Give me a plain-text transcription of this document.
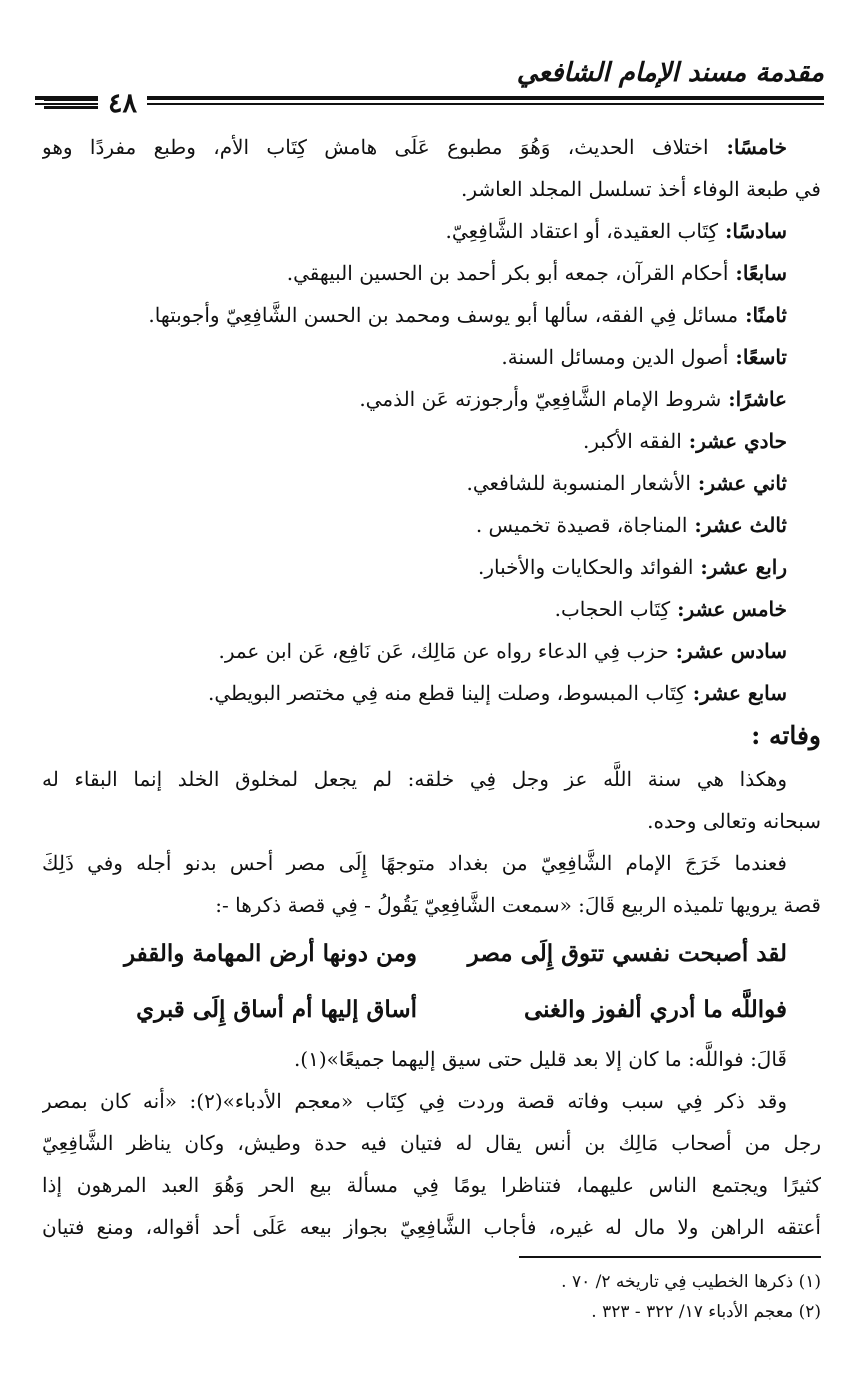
مقدمة مسند الإمام الشافعي
٤٨
خامسًا: اختلاف الحديث، وَهُوَ مطبوع عَلَى هامش كِتَاب الأم، وطبع مفردًا وهو
في طبعة الوفاء أخذ تسلسل المجلد العاشر.
سادسًا: كِتَاب العقيدة، أو اعتقاد الشَّافِعِيّ.
سابعًا: أحكام القرآن، جمعه أبو بكر أحمد بن الحسين البيهقي.
ثامنًا: مسائل فِي الفقه، سألها أبو يوسف ومحمد بن الحسن الشَّافِعِيّ وأجوبتها.
تاسعًا: أصول الدين ومسائل السنة.
عاشرًا: شروط الإمام الشَّافِعِيّ وأرجوزته عَن الذمي.
حادي عشر: الفقه الأكبر.
ثاني عشر: الأشعار المنسوبة للشافعي.
ثالث عشر: المناجاة، قصيدة تخميس .
رابع عشر: الفوائد والحكايات والأخبار.
خامس عشر: كِتَاب الحجاب.
سادس عشر: حزب فِي الدعاء رواه عن مَالِك، عَن نَافِع، عَن ابن عمر.
سابع عشر: كِتَاب المبسوط، وصلت إلينا قطع منه فِي مختصر البويطي.
وفاته :
وهكذا هي سنة اللَّه عز وجل فِي خلقه: لم يجعل لمخلوق الخلد إنما البقاء له
سبحانه وتعالى وحده.
فعندما خَرَجَ الإمام الشَّافِعِيّ من بغداد متوجهًا إِلَى مصر أحس بدنو أجله وفي ذَلِكَ
قصة يرويها تلميذه الربيع قَالَ: «سمعت الشَّافِعِيّ يَقُولُ - فِي قصة ذكرها -:
لقد أصبحت نفسي تتوق إِلَى مصرومن دونها أرض المهامة والقفر
فواللَّه ما أدري ألفوز والغنىأساق إليها أم أساق إِلَى قبري
قَالَ: فواللَّه: ما كان إلا بعد قليل حتى سيق إليهما جميعًا»(١).
وقد ذكر فِي سبب وفاته قصة وردت فِي كِتَاب «معجم الأدباء»(٢): «أنه كان بمصر
رجل من أصحاب مَالِك بن أنس يقال له فتيان فيه حدة وطيش، وكان يناظر الشَّافِعِيّ
كثيرًا ويجتمع الناس عليهما، فتناظرا يومًا فِي مسألة بيع الحر وَهُوَ العبد المرهون إذا
أعتقه الراهن ولا مال له غيره، فأجاب الشَّافِعِيّ بجواز بيعه عَلَى أحد أقواله، ومنع فتيان
(١) ذكرها الخطيب فِي تاريخه ٢/ ٧٠ .
(٢) معجم الأدباء ١٧/ ٣٢٢ - ٣٢٣ .
